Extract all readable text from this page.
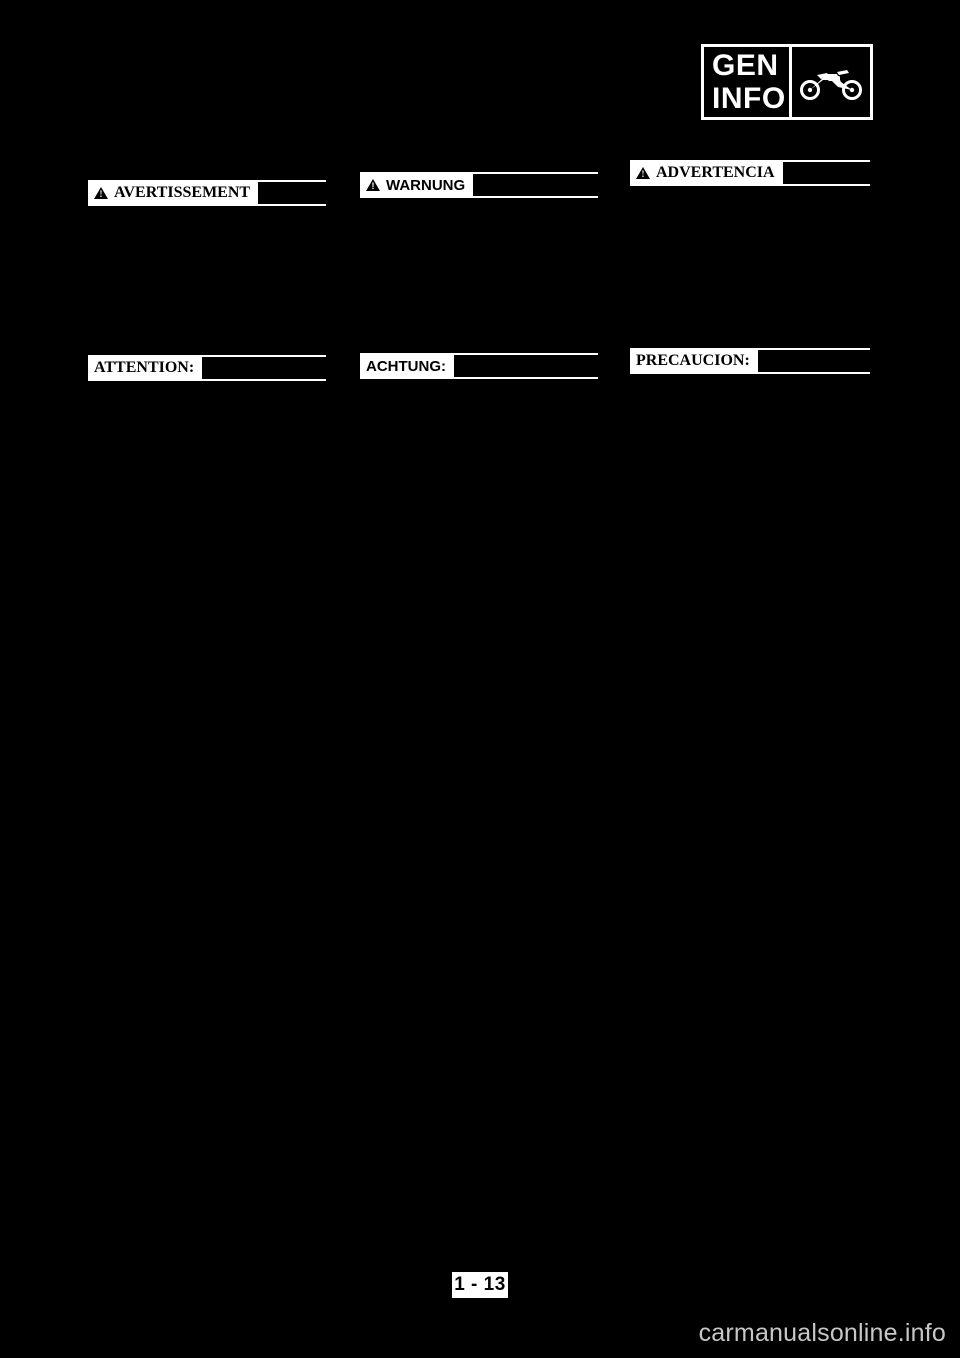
GEN
INFO
!
AVERTISSEMENT
Ne jamais mettre le moteur en marche
ATTENTION:
Le surchauffage de cette moteur
!
WARNUNG
Das Motorrad modelle in geschlos-
ACHTUNG:
Der diesem Warnung, mit einem
!
ADVERTENCIA
Nunca ponga en marcha el motor en
PRECAUCION:
El motor puede calentarse debido
1 - 13
carmanualsonline.info
